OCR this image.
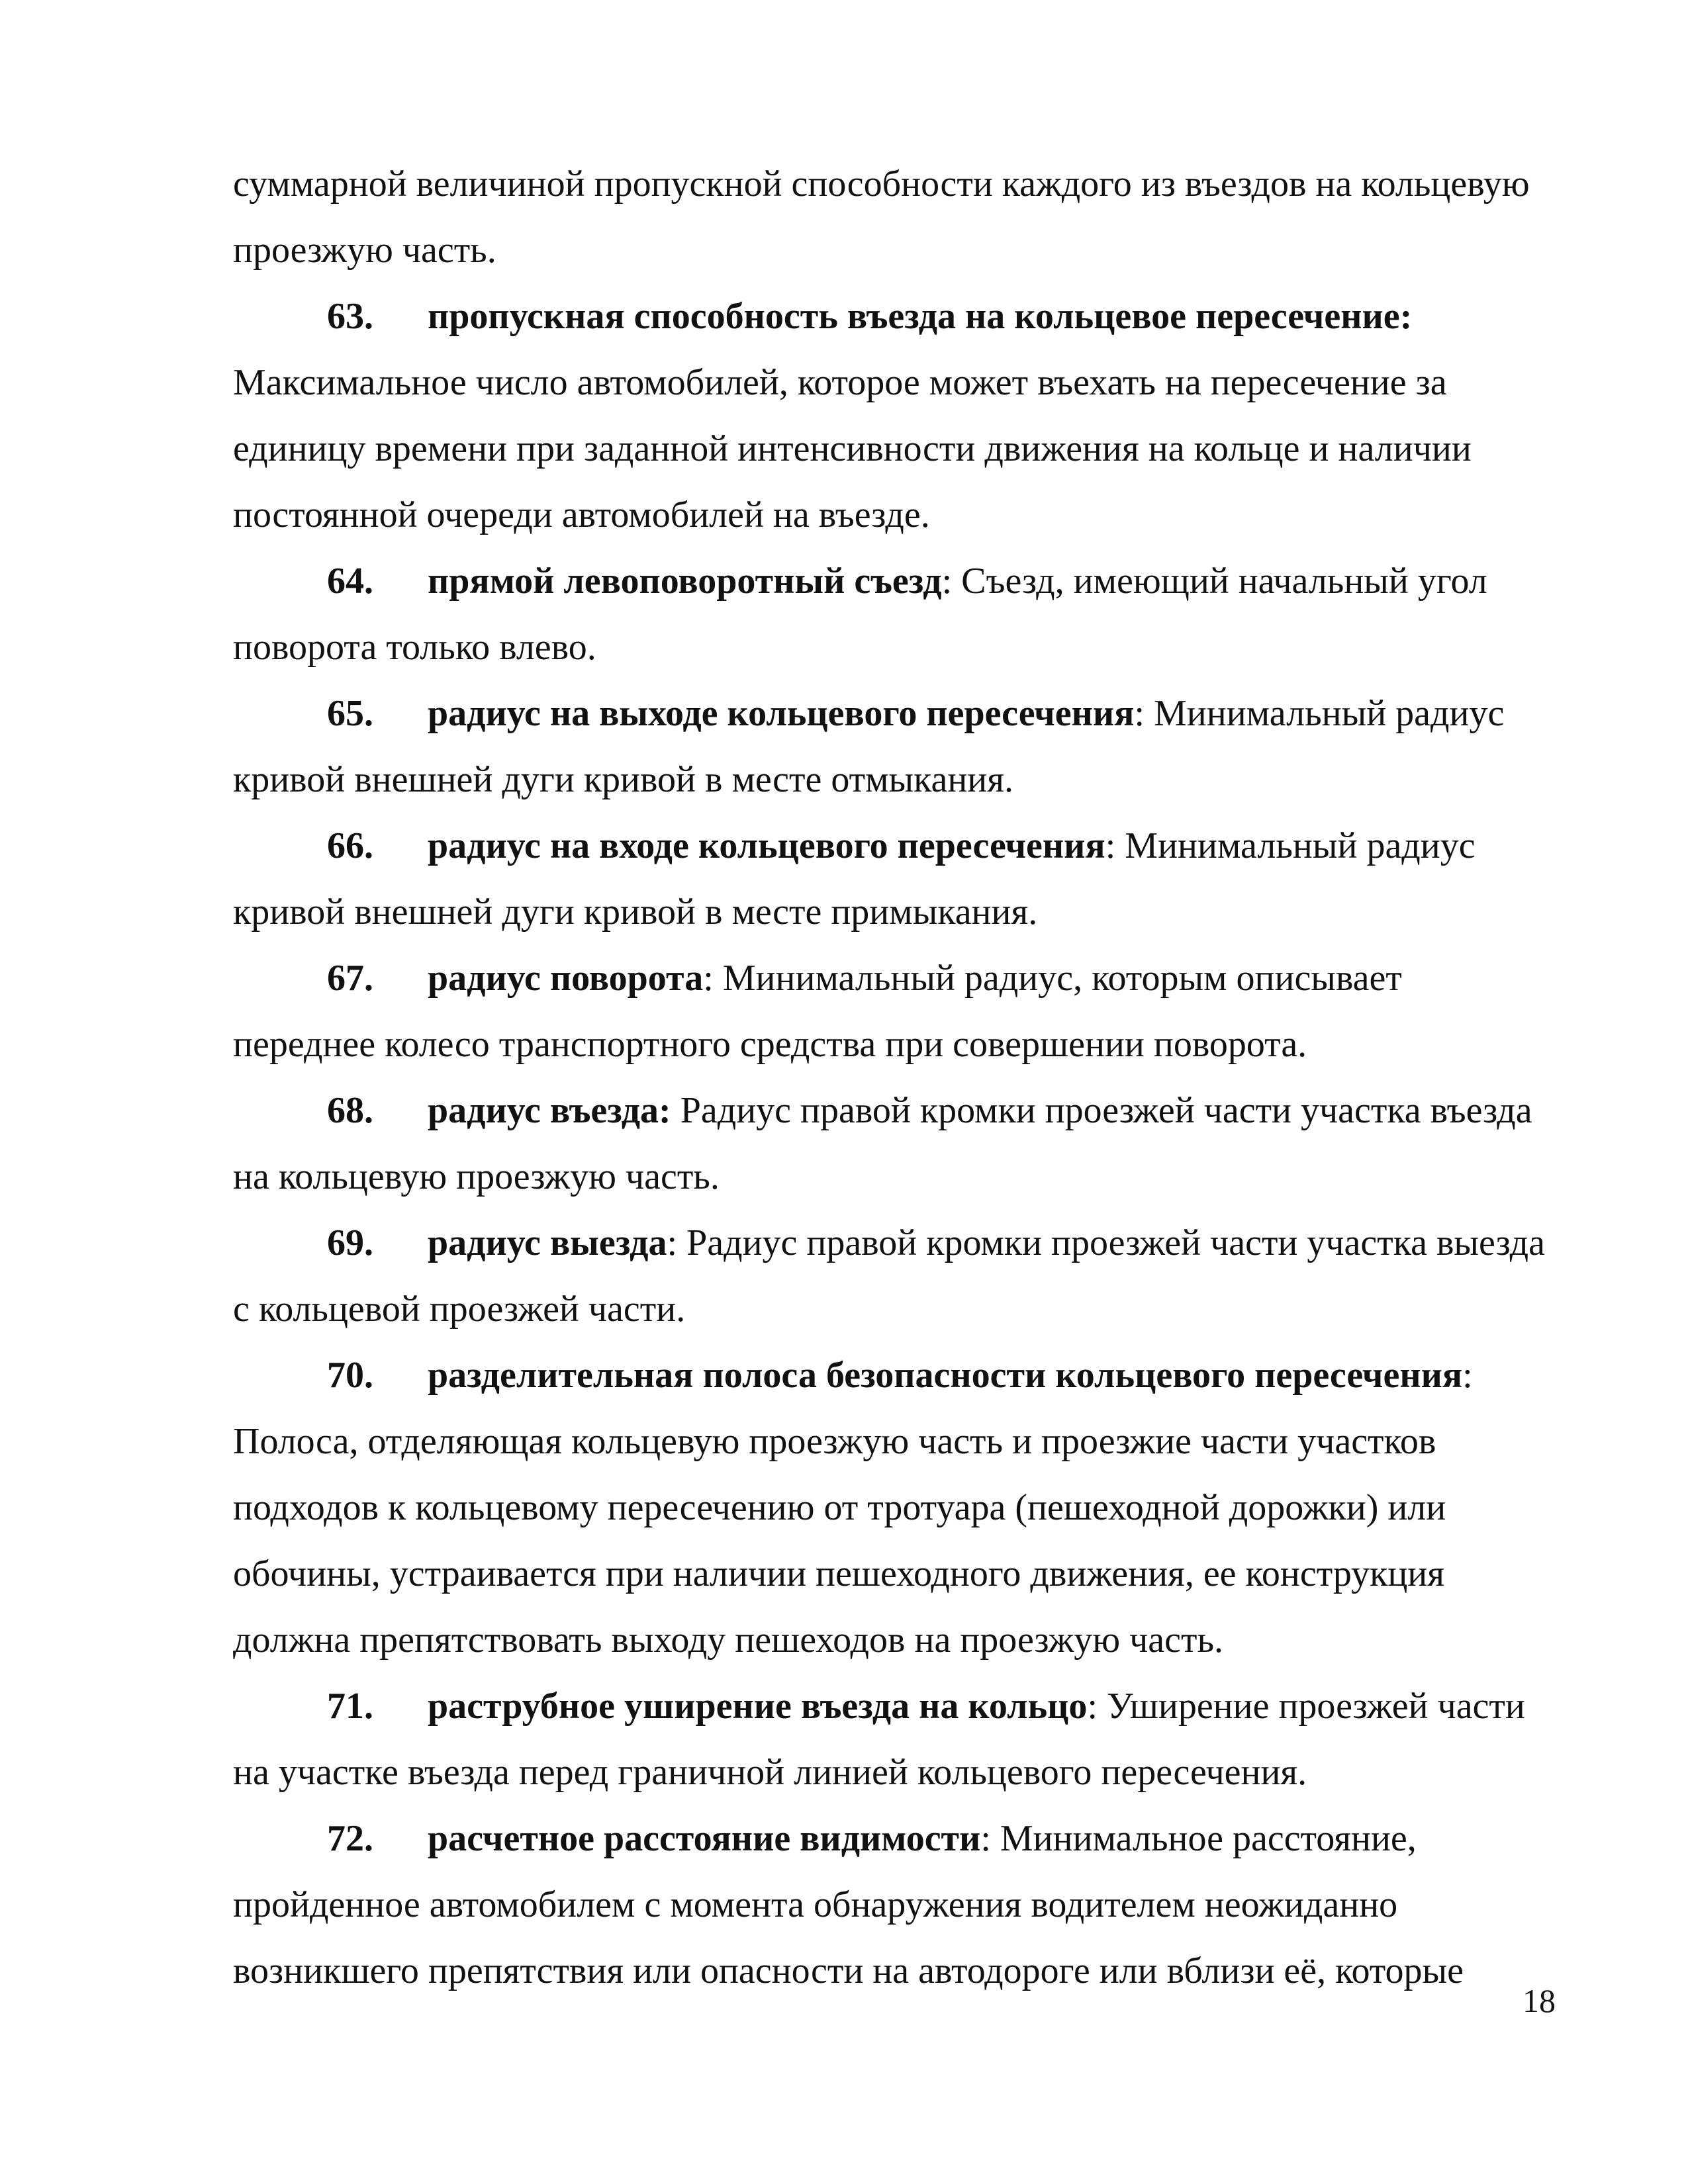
суммарной величиной пропускной способности каждого из въездов на кольцевую проезжую часть.

63. пропускная способность въезда на кольцевое пересечение: Максимальное число автомобилей, которое может въехать на пересечение за единицу времени при заданной интенсивности движения на кольце и наличии постоянной очереди автомобилей на въезде.

64. прямой левоповоротный съезд: Съезд, имеющий начальный угол поворота только влево.

65. радиус на выходе кольцевого пересечения: Минимальный радиус кривой внешней дуги кривой в месте отмыкания.

66. радиус на входе кольцевого пересечения: Минимальный радиус кривой внешней дуги кривой в месте примыкания.

67. радиус поворота: Минимальный радиус, которым описывает переднее колесо транспортного средства при совершении поворота.

68. радиус въезда: Радиус правой кромки проезжей части участка въезда на кольцевую проезжую часть.

69. радиус выезда: Радиус правой кромки проезжей части участка выезда с кольцевой проезжей части.

70. разделительная полоса безопасности кольцевого пересечения: Полоса, отделяющая кольцевую проезжую часть и проезжие части участков подходов к кольцевому пересечению от тротуара (пешеходной дорожки) или обочины, устраивается при наличии пешеходного движения, ее конструкция должна препятствовать выходу пешеходов на проезжую часть.

71. раструбное уширение въезда на кольцо: Уширение проезжей части на участке въезда перед граничной линией кольцевого пересечения.

72. расчетное расстояние видимости: Минимальное расстояние, пройденное автомобилем с момента обнаружения водителем неожиданно возникшего препятствия или опасности на автодороге или вблизи её, которые

18
